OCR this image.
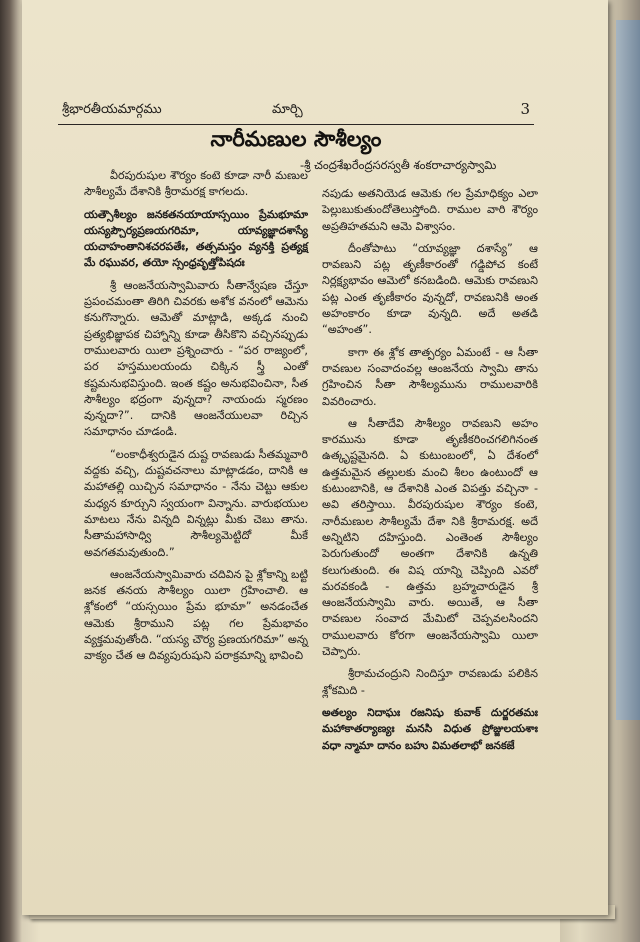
శ్రీభారతీయమార్గము	మార్చి	3
నారీమణుల సౌశీల్యం
-శ్రీ చంద్రశేఖరేంద్రసరస్వతీ శంకరాచార్యస్వామి

వీరపురుషుల శౌర్యం కంటె కూడా నారీ మణుల సౌశీల్యమే దేశానికి శ్రీరామరక్ష కాగలదు.

యత్సౌశీల్యం జనకతనయాయాస్సయిం ప్రేమభూమా యస్యప్చౌర్యప్రణయగరిమా, యావ్యజ్ఞాదశాస్యే యచాహంతానిశచరపతేః, తత్సమస్తం వ్యనక్తి ప్రత్యక్ష మే రఘువర, తయో స్సంధ్రవృత్తోపిషదః

శ్రీ ఆంజనేయస్వామివారు సీతాన్వేషణ చేస్తూ ప్రపంచమంతా తిరిగి చివరకు అశోక వనంలో ఆమెను కనుగొన్నారు. ఆమెతో మాట్లాడి, అక్కడ నుంచి ప్రత్యభిజ్ఞాపక చిహ్నాన్ని కూడా తీసికొని వచ్చినప్పుడు రాములవారు యిలా ప్రశ్నించారు - “పర రాజ్యంలో, పర హస్తములయందు చిక్కిన స్త్రీ ఎంతో కష్టమనుభవిస్తుంది. ఇంత కష్టం అనుభవించినా, సీత సౌశీల్యం భద్రంగా వున్నదా? నాయందు స్మరణం వున్నదా?”. దానికి ఆంజనేయులవా రిచ్చిన సమాధానం చూడండి.

“లంకాధీశ్వరుడైన దుష్ట రావణుడు సీతమ్మవారి వద్దకు వచ్చి, దుష్టవచనాలు మాట్లాడడం, దానికి ఆ మహాతల్లి యిచ్చిన సమాధానం - నేను చెట్టు ఆకుల మధ్యన కూర్చుని స్వయంగా విన్నాను. వారుభయుల మాటలు నేను విన్నది విన్నట్లు మీకు చెబు తాను. సీతామహాసాధ్వి సౌశీల్యమెట్టిదో మీకే అవగతమవుతుంది.”

ఆంజనేయస్వామివారు చదివిన పై శ్లోకాన్ని బట్టి జనక తనయ సౌశీల్యం యిలా గ్రహించాలి. ఆ శ్లోకంలో “యస్సయిం ప్రేమ భూమా” అనడంచేత ఆమెకు శ్రీరాముని పట్ల గల ప్రేమభావం వ్యక్తమవుతోంది. “యస్య చౌర్య ప్రణయగరిమా” అన్న వాక్యం చేత ఆ దివ్యపురుషుని పరాక్రమాన్ని భావించి

నపుడు అతనియెడ ఆమెకు గల ప్రేమాధిక్యం ఎలా పెల్లుబుకుతుందోతెలుస్తోంది. రాముల వారి శౌర్యం అప్రతిహతమని ఆమె విశ్వాసం.

దీంతోపాటు “యావ్యజ్ఞా దశాస్యే” ఆ రావణుని పట్ల తృణీకారంతో గడ్డిపోచ కంటే నిర్లక్ష్యభావం ఆమెలో కనబడింది. ఆమెకు రావణుని పట్ల ఎంత తృణీకారం వున్నదో, రావణునికి అంత అహంకారం కూడా వున్నది. అదే అతడి “అహంత”.

కాగా ఈ శ్లోక తాత్పర్యం ఏమంటే - ఆ సీతా రావణుల సంవాదంవల్ల ఆంజనేయ స్వామి తాను గ్రహించిన సీతా సౌశీల్యమును రాములవారికి వివరించారు.

ఆ సీతాదేవి సౌశీల్యం రావణుని అహం కారమును కూడా తృణీకరించగలిగినంత ఉత్కృష్టమైనది. ఏ కుటుంబంలో, ఏ దేశంలో ఉత్తమమైన తల్లులకు మంచి శీలం ఉంటుందో ఆ కుటుంబానికి, ఆ దేశానికి ఎంత విపత్తు వచ్చినా - అవి తరిస్తాయి. వీరపురుషుల శౌర్యం కంటె, నారీమణుల సౌశీల్యమే దేశా నికి శ్రీరామరక్ష. అదే అన్నిటిని దహిస్తుంది. ఎంతెంత సౌశీల్యం పెరుగుతుందో అంతగా దేశానికి ఉన్నతి కలుగుతుంది. ఈ విష యాన్ని చెప్పింది ఎవరో మరవకండి - ఉత్తమ బ్రహ్మచారుడైన శ్రీ ఆంజనేయస్వామి వారు. అయితే, ఆ సీతా రావణుల సంవాద మేమిటో చెప్పవలసిందని రాములవారు కోరగా ఆంజనేయస్వామి యిలా చెప్పారు.

శ్రీరామచంద్రుని నిందిస్తూ రావణుడు పలికిన శ్లోకమిది -

అతల్యం నిదాఘః రజనిషు కువాక్ దుర్జరతమః మహాకాతర్యాణ్యః మనసి విధుత ప్రోజ్జులయశాః వధా న్మామా దానం బహు విమతలాభో జనకజే
